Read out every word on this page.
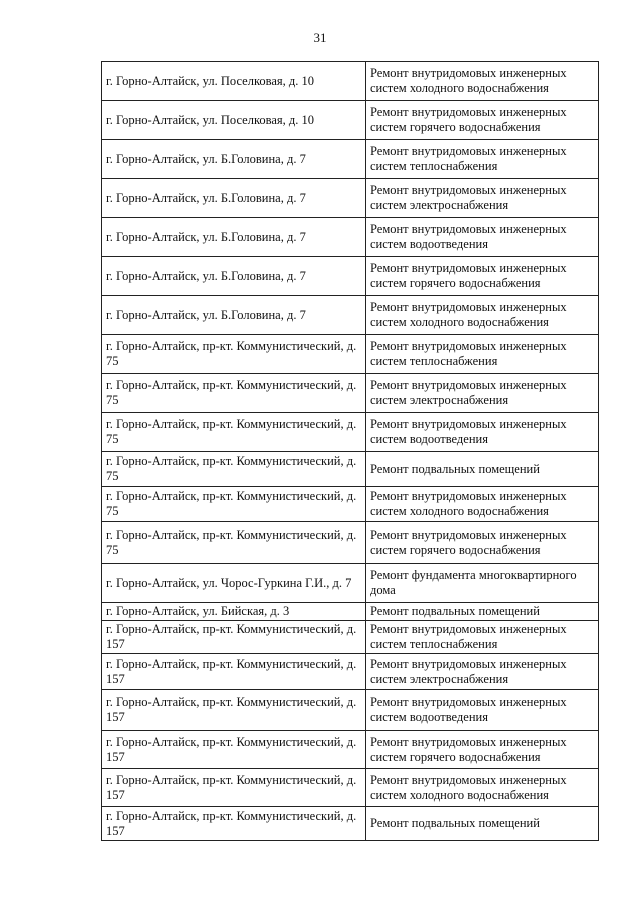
31
г. Горно-Алтайск, ул. Поселковая, д. 10	Ремонт внутридомовых инженерных систем холодного водоснабжения
г. Горно-Алтайск, ул. Поселковая, д. 10	Ремонт внутридомовых инженерных систем горячего водоснабжения
г. Горно-Алтайск, ул. Б.Головина, д. 7	Ремонт внутридомовых инженерных систем теплоснабжения
г. Горно-Алтайск, ул. Б.Головина, д. 7	Ремонт внутридомовых инженерных систем электроснабжения
г. Горно-Алтайск, ул. Б.Головина, д. 7	Ремонт внутридомовых инженерных систем водоотведения
г. Горно-Алтайск, ул. Б.Головина, д. 7	Ремонт внутридомовых инженерных систем горячего водоснабжения
г. Горно-Алтайск, ул. Б.Головина, д. 7	Ремонт внутридомовых инженерных систем холодного водоснабжения
г. Горно-Алтайск, пр-кт. Коммунистический, д. 75	Ремонт внутридомовых инженерных систем теплоснабжения
г. Горно-Алтайск, пр-кт. Коммунистический, д. 75	Ремонт внутридомовых инженерных систем электроснабжения
г. Горно-Алтайск, пр-кт. Коммунистический, д. 75	Ремонт внутридомовых инженерных систем водоотведения
г. Горно-Алтайск, пр-кт. Коммунистический, д. 75	Ремонт подвальных помещений
г. Горно-Алтайск, пр-кт. Коммунистический, д. 75	Ремонт внутридомовых инженерных систем холодного водоснабжения
г. Горно-Алтайск, пр-кт. Коммунистический, д. 75	Ремонт внутридомовых инженерных систем горячего водоснабжения
г. Горно-Алтайск, ул. Чорос-Гуркина Г.И., д. 7	Ремонт фундамента многоквартирного дома
г. Горно-Алтайск, ул. Бийская, д. 3	Ремонт подвальных помещений
г. Горно-Алтайск, пр-кт. Коммунистический, д. 157	Ремонт внутридомовых инженерных систем теплоснабжения
г. Горно-Алтайск, пр-кт. Коммунистический, д. 157	Ремонт внутридомовых инженерных систем электроснабжения
г. Горно-Алтайск, пр-кт. Коммунистический, д. 157	Ремонт внутридомовых инженерных систем водоотведения
г. Горно-Алтайск, пр-кт. Коммунистический, д. 157	Ремонт внутридомовых инженерных систем горячего водоснабжения
г. Горно-Алтайск, пр-кт. Коммунистический, д. 157	Ремонт внутридомовых инженерных систем холодного водоснабжения
г. Горно-Алтайск, пр-кт. Коммунистический, д. 157	Ремонт подвальных помещений
